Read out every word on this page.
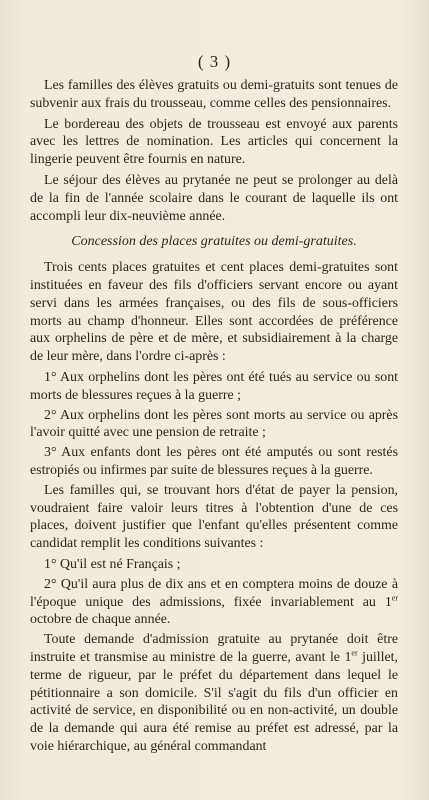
( 3 )

Les familles des élèves gratuits ou demi-gratuits sont tenues de subvenir aux frais du trousseau, comme celles des pensionnaires.

Le bordereau des objets de trousseau est envoyé aux parents avec les lettres de nomination. Les articles qui concernent la lingerie peuvent être fournis en nature.

Le séjour des élèves au prytanée ne peut se prolonger au delà de la fin de l'année scolaire dans le courant de laquelle ils ont accompli leur dix-neuvième année.

Concession des places gratuites ou demi-gratuites.

Trois cents places gratuites et cent places demi-gratuites sont instituées en faveur des fils d'officiers servant encore ou ayant servi dans les armées françaises, ou des fils de sous-officiers morts au champ d'honneur. Elles sont accordées de préférence aux orphelins de père et de mère, et subsidiairement à la charge de leur mère, dans l'ordre ci-après :

1° Aux orphelins dont les pères ont été tués au service ou sont morts de blessures reçues à la guerre ;

2° Aux orphelins dont les pères sont morts au service ou après l'avoir quitté avec une pension de retraite ;

3° Aux enfants dont les pères ont été amputés ou sont restés estropiés ou infirmes par suite de blessures reçues à la guerre.

Les familles qui, se trouvant hors d'état de payer la pension, voudraient faire valoir leurs titres à l'obtention d'une de ces places, doivent justifier que l'enfant qu'elles présentent comme candidat remplit les conditions suivantes :

1° Qu'il est né Français ;

2° Qu'il aura plus de dix ans et en comptera moins de douze à l'époque unique des admissions, fixée invariablement au 1er octobre de chaque année.

Toute demande d'admission gratuite au prytanée doit être instruite et transmise au ministre de la guerre, avant le 1er juillet, terme de rigueur, par le préfet du département dans lequel le pétitionnaire a son domicile. S'il s'agit du fils d'un officier en activité de service, en disponibilité ou en non-activité, un double de la demande qui aura été remise au préfet est adressé, par la voie hiérarchique, au général commandant
